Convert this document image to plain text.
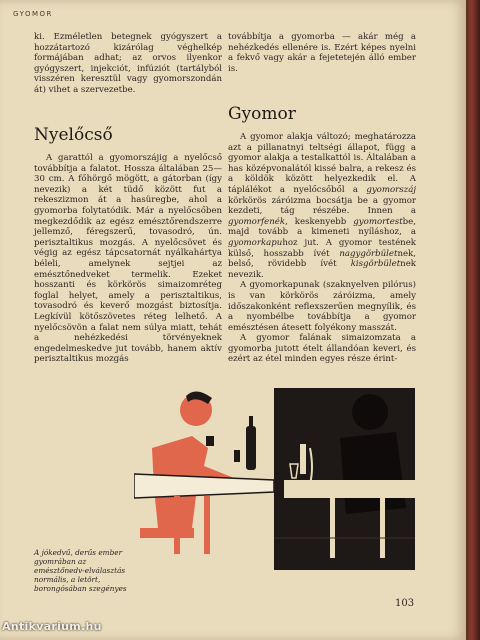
GYOMOR

ki. Ezméletlen betegnek gyógyszert a hozzátartozó kizárólag véghelkép formájában adhat; az orvos ilyenkor gyógyszert, injekciót, infúziót (tartályból visszéren keresztül vagy gyomorszondán át) vihet a szervezetbe.

továbbítja a gyomorba — akár még a nehézkedés ellenére is. Ezért képes nyelni a fekvő vagy akár a fejetetején álló ember is.

Nyelőcső

A garattól a gyomorszájig a nyelőcső továbbítja a falatot. Hossza általában 25—30 cm. A főhörgő mögött, a gátorban (így nevezik) a két tüdő között fut a rekeszizmon át a hasüregbe, ahol a gyomorba folytatódik. Már a nyelőcsőben megkezdődik az egész emésztőrendszerre jellemző, féregszerű, tovasodró, ún. perisztaltikus mozgás. A nyelőcsövet és végig az egész tápcsatornát nyálkahártya béleli, amelynek sejtjei az emésztőnedveket termelik. Ezeket hosszanti és körkörös simaizomréteg foglal helyet, amely a perisztaltikus, tovasodró és keverő mozgást biztosítja. Legkívül kötőszövetes réteg lelhető. A nyelőcsövön a falat nem súlya miatt, tehát a nehézkedési törvényeknek engedelmeskedve jut tovább, hanem aktív perisztaltikus mozgás

Gyomor

A gyomor alakja változó; meghatározza azt a pillanatnyi teltségi állapot, függ a gyomor alakja a testalkattól is. Általában a has középvonalától kissé balra, a rekesz és a köldök között helyezkedik el. A táplálékot a nyelőcsőből a gyomorszáj körkörös záróizma bocsátja be a gyomor kezdeti, tág részébe. Innen a gyomorfenék, keskenyebb gyomortestbe, majd tovább a kimeneti nyíláshoz, a gyomorkapuhoz jut. A gyomor testének külső, hosszabb ívét nagygörbületnek, belső, rövidebb ívét kisgörbületnek nevezik.

A gyomorkapunak (szaknyelven pilórus) is van körkörös záróizma, amely időszakonként reflexszerűen megnyílik, és a nyombélbe továbbítja a gyomor emésztésen átesett folyékony masszát.

A gyomor falának simaizomzata a gyomorba jutott ételt állandóan keveri, és ezért az étel minden egyes része érint-

A jókedvű, derűs ember gyomrában az emésztőnedv-elválasztás normális, a letört, borongósában szegényes
103
Antikvarium.hu
